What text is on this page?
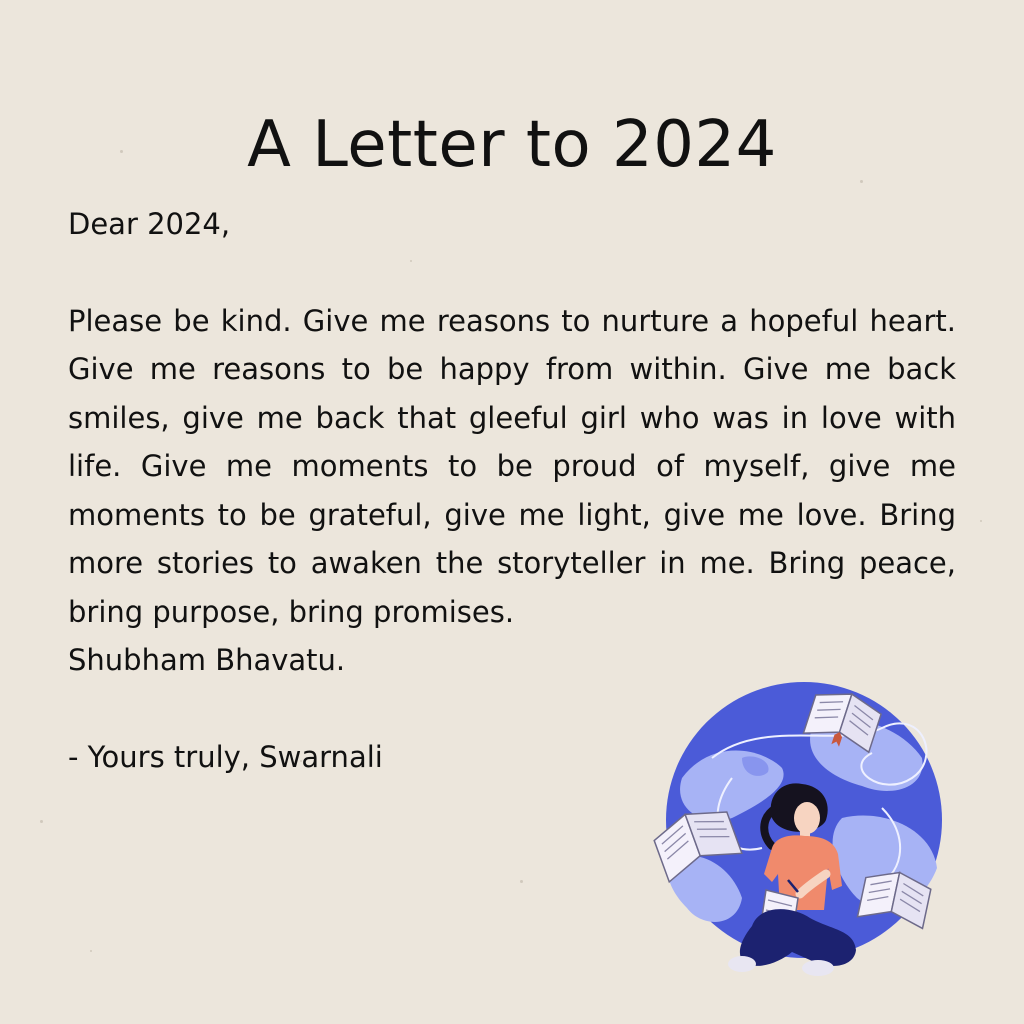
A Letter to 2024

Dear 2024,

Please be kind. Give me reasons to nurture a hopeful heart. Give me reasons to be happy from within. Give me back smiles, give me back that gleeful girl who was in love with life. Give me moments to be proud of myself, give me moments to be grateful, give me light, give me love. Bring more stories to awaken the storyteller in me. Bring peace, bring purpose, bring promises.

Shubham Bhavatu.

- Yours truly, Swarnali
